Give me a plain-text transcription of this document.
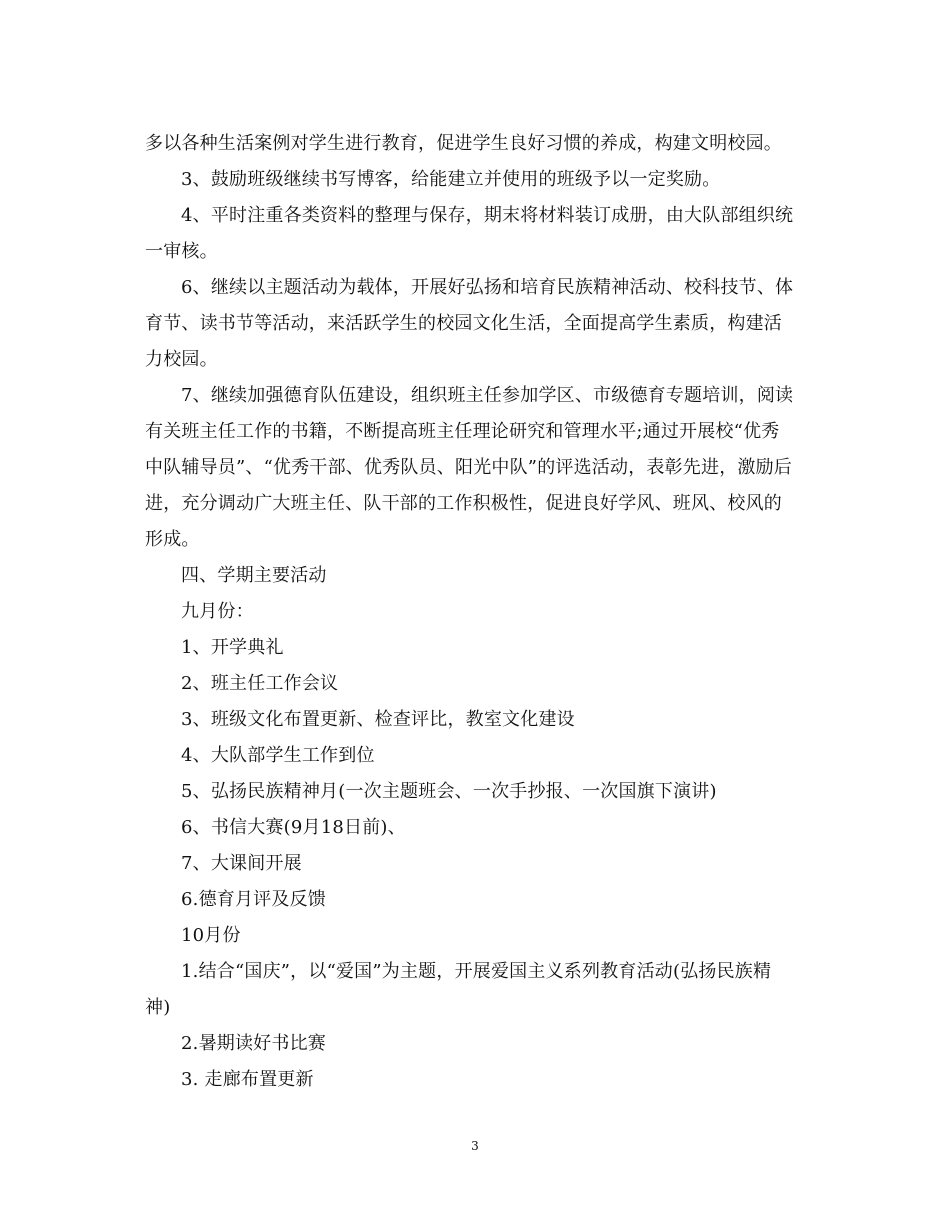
多以各种生活案例对学生进行教育，促进学生良好习惯的养成，构建文明校园。
3、鼓励班级继续书写博客，给能建立并使用的班级予以一定奖励。
4、平时注重各类资料的整理与保存，期末将材料装订成册，由大队部组织统
一审核。
6、继续以主题活动为载体，开展好弘扬和培育民族精神活动、校科技节、体
育节、读书节等活动，来活跃学生的校园文化生活，全面提高学生素质，构建活
力校园。
7、继续加强德育队伍建设，组织班主任参加学区、市级德育专题培训，阅读
有关班主任工作的书籍，不断提高班主任理论研究和管理水平;通过开展校“优秀
中队辅导员”、“优秀干部、优秀队员、阳光中队”的评选活动，表彰先进，激励后
进，充分调动广大班主任、队干部的工作积极性，促进良好学风、班风、校风的
形成。
四、学期主要活动
九月份：
1、开学典礼
2、班主任工作会议
3、班级文化布置更新、检查评比，教室文化建设
4、大队部学生工作到位
5、弘扬民族精神月(一次主题班会、一次手抄报、一次国旗下演讲)
6、书信大赛(9月18日前)、
7、大课间开展
6.德育月评及反馈
10月份
1.结合“国庆”，以“爱国”为主题，开展爱国主义系列教育活动(弘扬民族精
神)
2.暑期读好书比赛
3. 走廊布置更新
3
